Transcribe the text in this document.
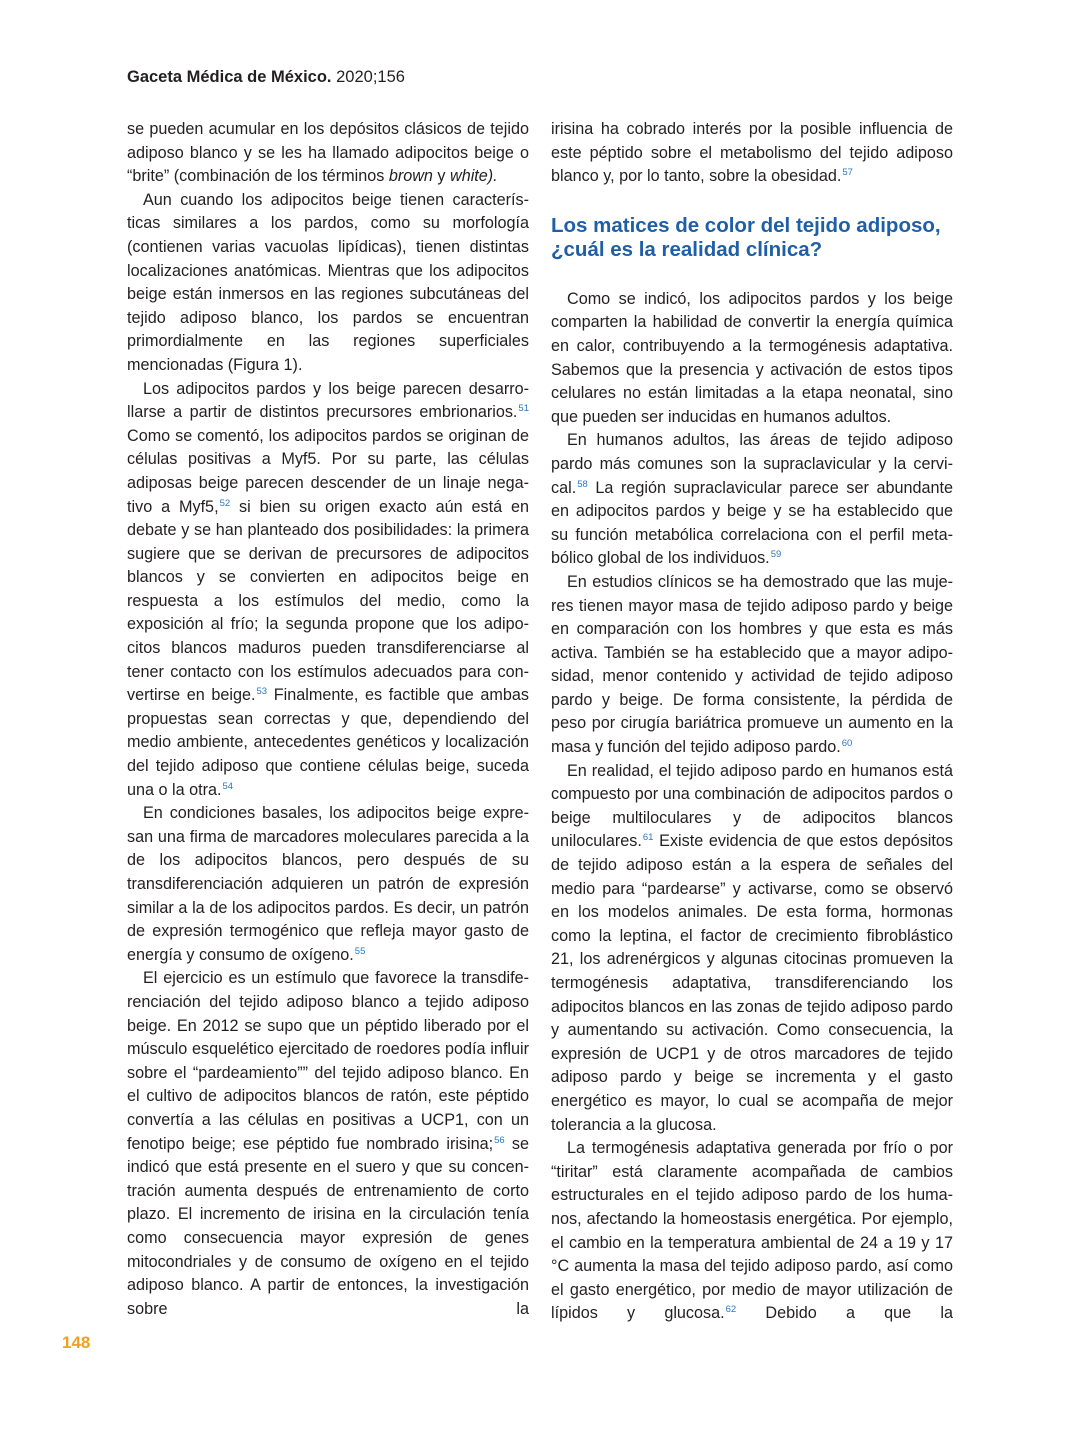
Gaceta Médica de México. 2020;156

se pueden acumular en los depósitos clásicos de tejido adiposo blanco y se les ha llamado adipocitos beige o “brite” (combinación de los términos brown y white).

Aun cuando los adipocitos beige tienen características similares a los pardos, como su morfología (contienen varias vacuolas lipídicas), tienen distintas localizaciones anatómicas. Mientras que los adipocitos beige están inmersos en las regiones subcutáneas del tejido adiposo blanco, los pardos se encuentran primordialmente en las regiones superficiales mencionadas (Figura 1).

Los adipocitos pardos y los beige parecen desarrollarse a partir de distintos precursores embrionarios.$^{51}$ Como se comentó, los adipocitos pardos se originan de células positivas a Myf5. Por su parte, las células adiposas beige parecen descender de un linaje negativo a Myf5,52 si bien su origen exacto aún está en debate y se han planteado dos posibilidades: la primera sugiere que se derivan de precursores de adipocitos blancos y se convierten en adipocitos beige en respuesta a los estímulos del medio, como la exposición al frío; la segunda propone que los adipocitos blancos maduros pueden transdiferenciarse al tener contacto con los estímulos adecuados para convertirse en beige.$^{53}$ Finalmente, es factible que ambas propuestas sean correctas y que, dependiendo del medio ambiente, antecedentes genéticos y localización del tejido adiposo que contiene células beige, suceda una o la otra.$^{54}$

En condiciones basales, los adipocitos beige expresan una firma de marcadores moleculares parecida a la de los adipocitos blancos, pero después de su transdiferenciación adquieren un patrón de expresión similar a la de los adipocitos pardos. Es decir, un patrón de expresión termogénico que refleja mayor gasto de energía y consumo de oxígeno.$^{55}$

El ejercicio es un estímulo que favorece la transdiferenciación del tejido adiposo blanco a tejido adiposo beige. En 2012 se supo que un péptido liberado por el músculo esquelético ejercitado de roedores podía influir sobre el “pardeamiento”” del tejido adiposo blanco. En el cultivo de adipocitos blancos de ratón, este péptido convertía a las células en positivas a UCP1, con un fenotipo beige; ese péptido fue nombrado irisina;$^{56}$ se indicó que está presente en el suero y que su concentración aumenta después de entrenamiento de corto plazo. El incremento de irisina en la circulación tenía como consecuencia mayor expresión de genes mitocondriales y de consumo de oxígeno en el tejido adiposo blanco. A partir de entonces, la investigación sobre la

irisina ha cobrado interés por la posible influencia de este péptido sobre el metabolismo del tejido adiposo blanco y, por lo tanto, sobre la obesidad.$^{57}$

Los matices de color del tejido adiposo, ¿cuál es la realidad clínica?

Como se indicó, los adipocitos pardos y los beige comparten la habilidad de convertir la energía química en calor, contribuyendo a la termogénesis adaptativa. Sabemos que la presencia y activación de estos tipos celulares no están limitadas a la etapa neonatal, sino que pueden ser inducidas en humanos adultos.

En humanos adultos, las áreas de tejido adiposo pardo más comunes son la supraclavicular y la cervical.$^{58}$ La región supraclavicular parece ser abundante en adipocitos pardos y beige y se ha establecido que su función metabólica correlaciona con el perfil metabólico global de los individuos.$^{59}$

En estudios clínicos se ha demostrado que las mujeres tienen mayor masa de tejido adiposo pardo y beige en comparación con los hombres y que esta es más activa. También se ha establecido que a mayor adiposidad, menor contenido y actividad de tejido adiposo pardo y beige. De forma consistente, la pérdida de peso por cirugía bariátrica promueve un aumento en la masa y función del tejido adiposo pardo.$^{60}$

En realidad, el tejido adiposo pardo en humanos está compuesto por una combinación de adipocitos pardos o beige multiloculares y de adipocitos blancos uniloculares.$^{61}$ Existe evidencia de que estos depósitos de tejido adiposo están a la espera de señales del medio para “pardearse” y activarse, como se observó en los modelos animales. De esta forma, hormonas como la leptina, el factor de crecimiento fibroblástico 21, los adrenérgicos y algunas citocinas promueven la termogénesis adaptativa, transdiferenciando los adipocitos blancos en las zonas de tejido adiposo pardo y aumentando su activación. Como consecuencia, la expresión de UCP1 y de otros marcadores de tejido adiposo pardo y beige se incrementa y el gasto energético es mayor, lo cual se acompaña de mejor tolerancia a la glucosa.

La termogénesis adaptativa generada por frío o por “tiritar” está claramente acompañada de cambios estructurales en el tejido adiposo pardo de los humanos, afectando la homeostasis energética. Por ejemplo, el cambio en la temperatura ambiental de 24 a 19 y 17 °C aumenta la masa del tejido adiposo pardo, así como el gasto energético, por medio de mayor utilización de lípidos y glucosa.$^{62}$ Debido a que la

148
